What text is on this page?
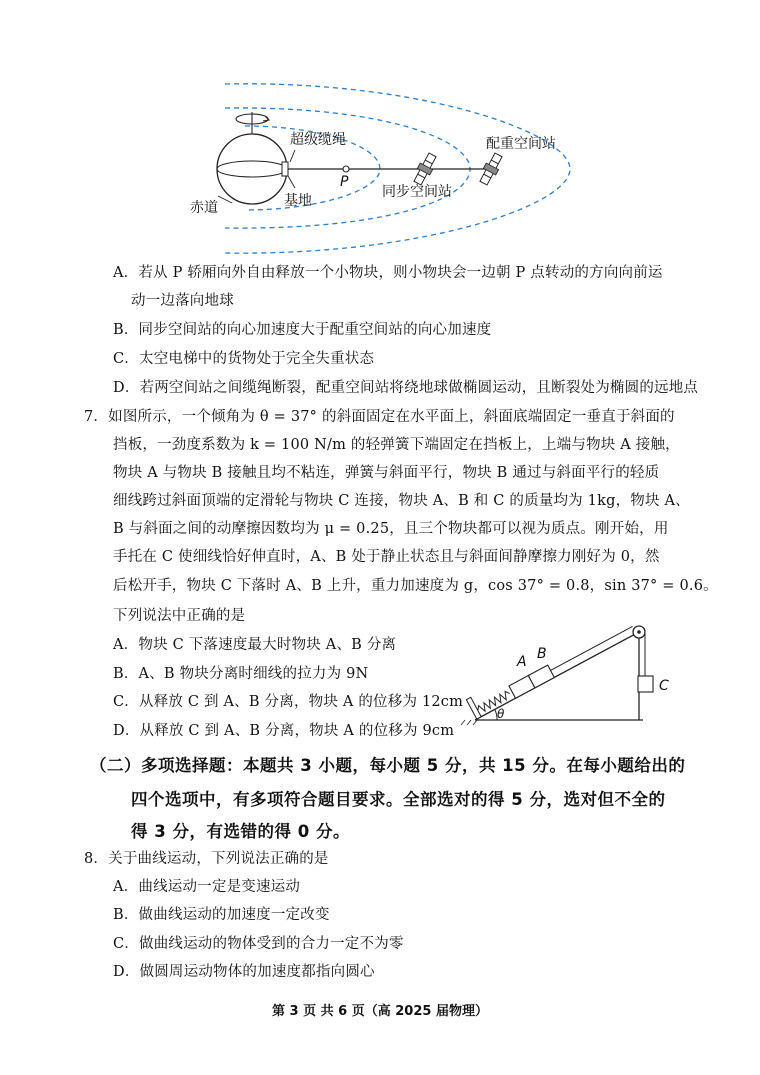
超级缆绳	配重空间站
P
同步空间站
赤道	基地
A．若从 P 轿厢向外自由释放一个小物块，则小物块会一边朝 P 点转动的方向向前运
动一边落向地球
B．同步空间站的向心加速度大于配重空间站的向心加速度
C．太空电梯中的货物处于完全失重状态
D．若两空间站之间缆绳断裂，配重空间站将绕地球做椭圆运动，且断裂处为椭圆的远地点
7．如图所示，一个倾角为 θ = 37° 的斜面固定在水平面上，斜面底端固定一垂直于斜面的
挡板，一劲度系数为 k = 100 N/m 的轻弹簧下端固定在挡板上，上端与物块 A 接触，
物块 A 与物块 B 接触且均不粘连，弹簧与斜面平行，物块 B 通过与斜面平行的轻质
细线跨过斜面顶端的定滑轮与物块 C 连接，物块 A、B 和 C 的质量均为 1kg，物块 A、
B 与斜面之间的动摩擦因数均为 μ = 0.25，且三个物块都可以视为质点。刚开始，用
手托在 C 使细线恰好伸直时，A、B 处于静止状态且与斜面间静摩擦力刚好为 0，然
后松开手，物块 C 下落时 A、B 上升，重力加速度为 g，cos 37° = 0.8，sin 37° = 0.6。
下列说法中正确的是
A．物块 C 下落速度最大时物块 A、B 分离
B．A、B 物块分离时细线的拉力为 9N
C．从释放 C 到 A、B 分离，物块 A 的位移为 12cm
D．从释放 C 到 A、B 分离，物块 A 的位移为 9cm
C
A B
θ
（二）多项选择题：本题共 3 小题，每小题 5 分，共 15 分。在每小题给出的
四个选项中，有多项符合题目要求。全部选对的得 5 分，选对但不全的
得 3 分，有选错的得 0 分。
8．关于曲线运动，下列说法正确的是
A．曲线运动一定是变速运动
B．做曲线运动的加速度一定改变
C．做曲线运动的物体受到的合力一定不为零
D．做圆周运动物体的加速度都指向圆心
第 3 页 共 6 页（高 2025 届物理）
